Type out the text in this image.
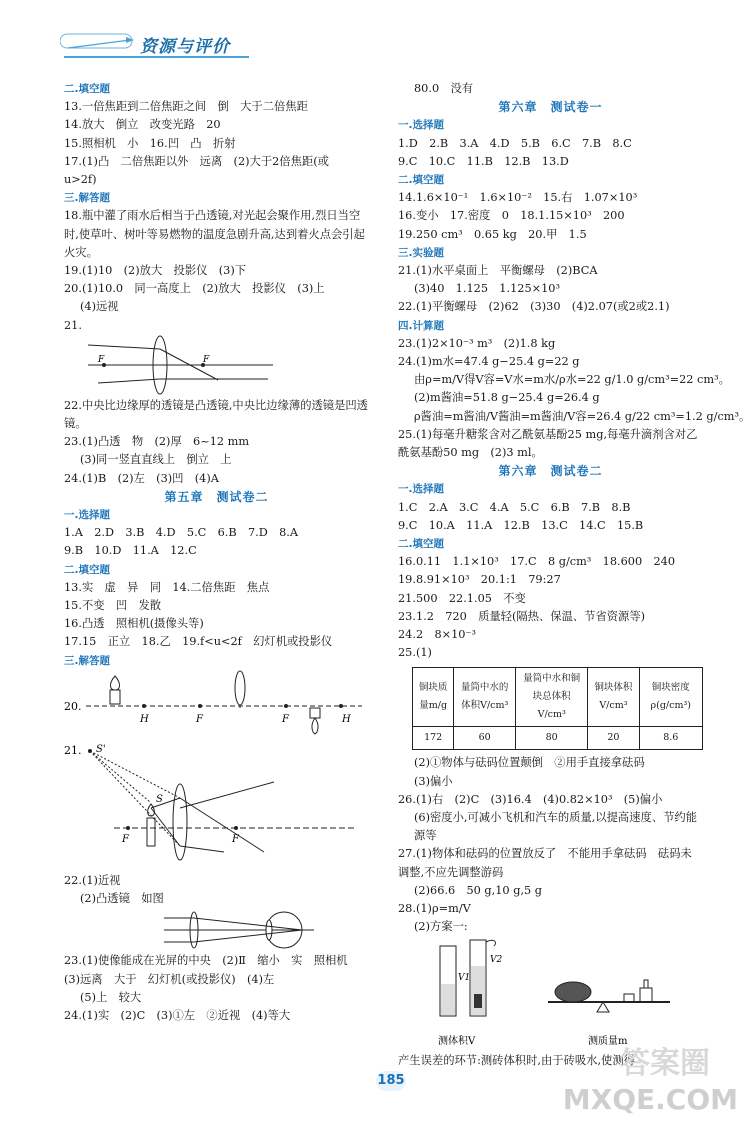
资源与评价
二.填空题
13.一倍焦距到二倍焦距之间　倒　大于二倍焦距
14.放大　倒立　改变光路　20
15.照相机　小　16.凹　凸　折射
17.(1)凸　二倍焦距以外　远离　(2)大于2倍焦距(或
u>2f)
三.解答题
18.瓶中灌了雨水后相当于凸透镜,对光起会聚作用,烈日当空时,使草叶、树叶等易燃物的温度急剧升高,达到着火点会引起火灾。
19.(1)10　(2)放大　投影仪　(3)下
20.(1)10.0　同一高度上　(2)放大　投影仪　(3)上
(4)远视
21.
F	F
22.中央比边缘厚的透镜是凸透镜,中央比边缘薄的透镜是凹透镜。
23.(1)凸透　物　(2)厚　6~12 mm
(3)同一竖直直线上　倒立　上
24.(1)B　(2)左　(3)凹　(4)A
第五章　测试卷二
一.选择题
1.A　2.D　3.B　4.D　5.C　6.B　7.D　8.A
9.B　10.D　11.A　12.C
二.填空题
13.实　虚　异　同　14.二倍焦距　焦点
15.不变　凹　发散
16.凸透　照相机(摄像头等)
17.15　正立　18.乙　19.f<u<2f　幻灯机或投影仪
三.解答题
20.
H	F	F	H
21. S'
S
F	F
22.(1)近视
(2)凸透镜　如图
23.(1)使像能成在光屏的中央　(2)Ⅱ　缩小　实　照相机　(3)远离　大于　幻灯机(或投影仪)　(4)左
(5)上　较大
24.(1)实　(2)C　(3)①左　②近视　(4)等大
80.0　没有
第六章　测试卷一
一.选择题
1.D　2.B　3.A　4.D　5.B　6.C　7.B　8.C
9.C　10.C　11.B　12.B　13.D
二.填空题
14.1.6×10⁻¹　1.6×10⁻²　15.右　1.07×10³
16.变小　17.密度　0　18.1.15×10³　200
19.250 cm³　0.65 kg　20.甲　1.5
三.实验题
21.(1)水平桌面上　平衡螺母　(2)BCA
(3)40　1.125　1.125×10³
22.(1)平衡螺母　(2)62　(3)30　(4)2.07(或2或2.1)
四.计算题
23.(1)2×10⁻³ m³　(2)1.8 kg
24.(1)m水=47.4 g−25.4 g=22 g
由ρ=m/V得V容=V水=m水/ρ水=22 g/1.0 g/cm³=22 cm³。
(2)m酱油=51.8 g−25.4 g=26.4 g
ρ酱油=m酱油/V酱油=m酱油/V容=26.4 g/22 cm³=1.2 g/cm³。
25.(1)每毫升糖浆含对乙酰氨基酚25 mg,每毫升滴剂含对乙酰氨基酚50 mg　(2)3 ml。
第六章　测试卷二
一.选择题
1.C　2.A　3.C　4.A　5.C　6.B　7.B　8.B
9.C　10.A　11.A　12.B　13.C　14.C　15.B
二.填空题
16.0.11　1.1×10³　17.C　8 g/cm³　18.600　240
19.8.91×10³　20.1:1　79:27
21.500　22.1.05　不变
23.1.2　720　质量轻(隔热、保温、节省资源等)
24.2　8×10⁻³
25.(1)
铜块质量m/g	量筒中水的体积V/cm³	量筒中水和铜块总体积V/cm³	铜块体积V/cm³	铜块密度ρ(g/cm³)
172	60	80	20	8.6
(2)①物体与砝码位置颠倒　②用手直接拿砝码
(3)偏小
26.(1)右　(2)C　(3)16.4　(4)0.82×10³　(5)偏小
(6)密度小,可减小飞机和汽车的质量,以提高速度、节约能源等
27.(1)物体和砝码的位置放反了　不能用手拿砝码　砝码未调整,不应先调整游码
(2)66.6　50 g,10 g,5 g
28.(1)ρ=m/V
(2)方案一:
V1
V2
测体积V	测质量m
产生误差的环节:测砖体积时,由于砖吸水,使测得
185	答案圈
MXQE.COM
